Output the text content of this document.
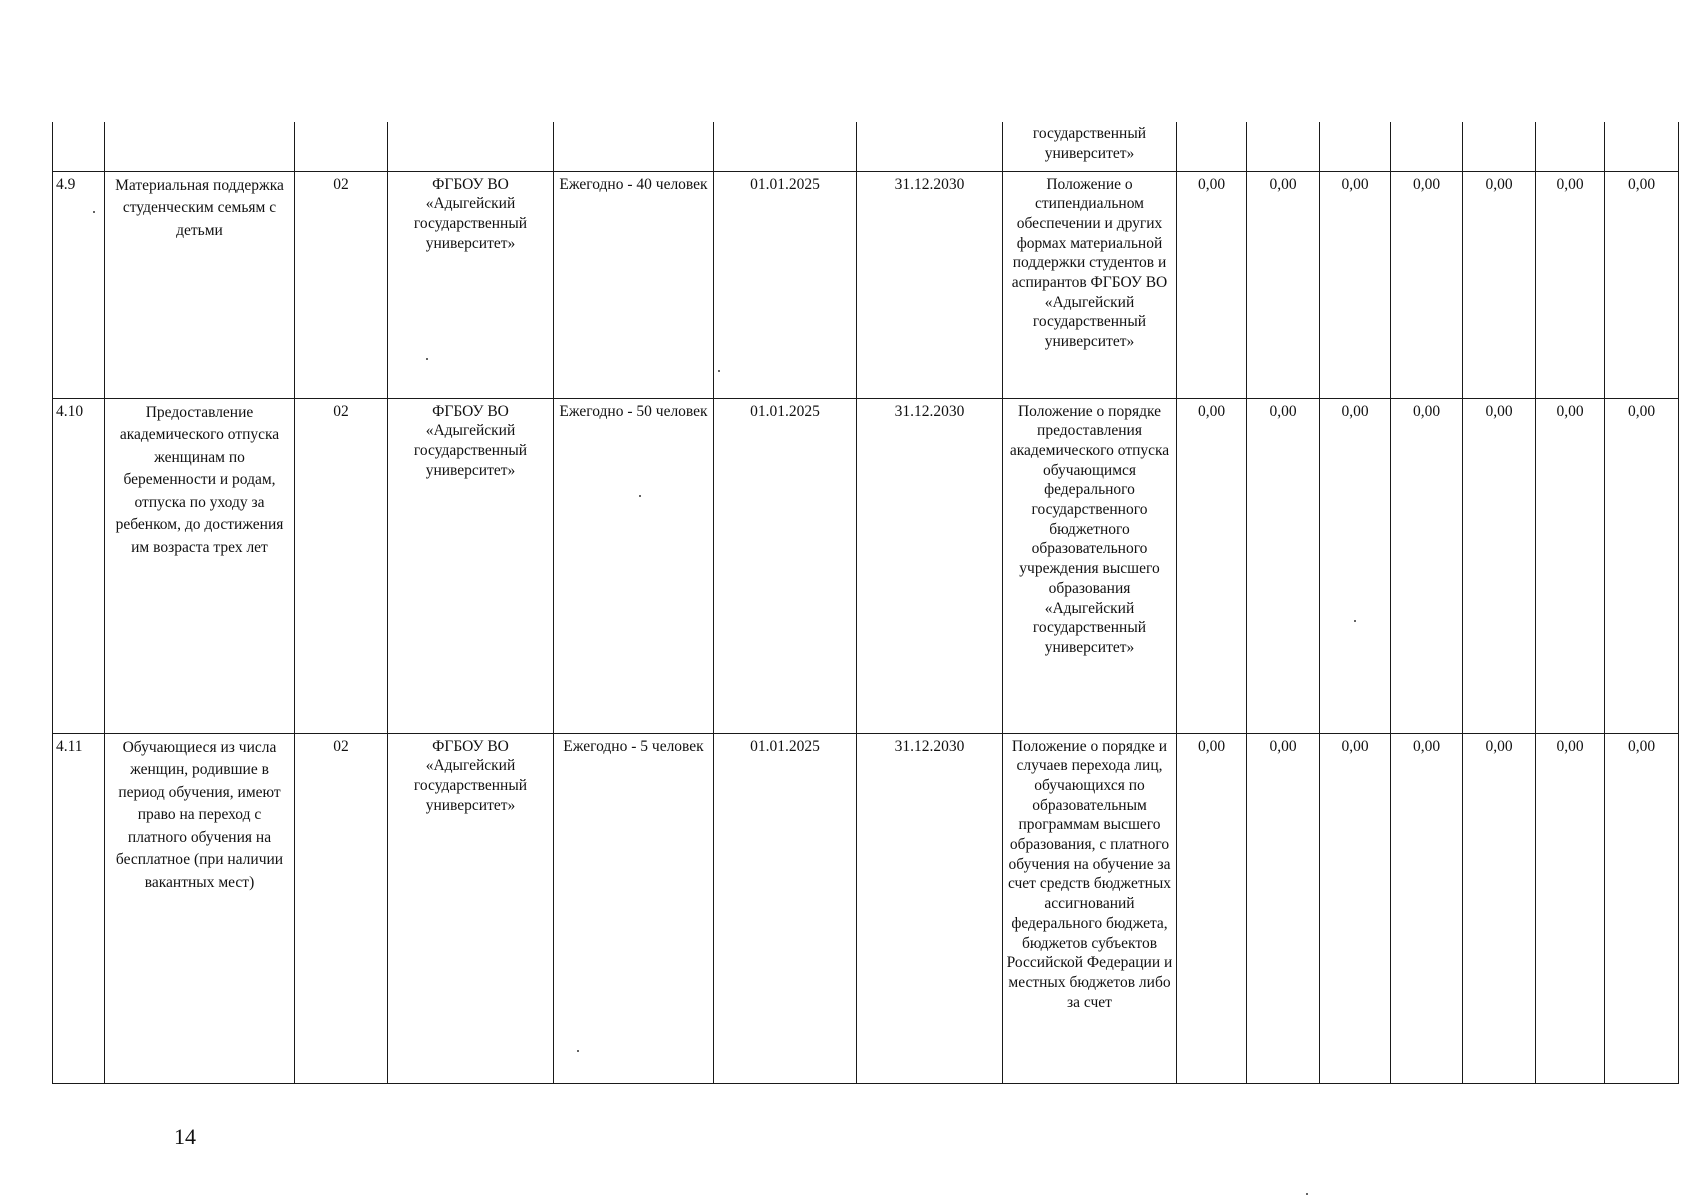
							государственный университет»							
4.9	Материальная поддержка студенческим семьям с детьми	02	ФГБОУ ВО «Адыгейский государственный университет»	Ежегодно - 40 человек	01.01.2025	31.12.2030	Положение о стипендиальном обеспечении и других формах материальной поддержки студентов и аспирантов ФГБОУ ВО «Адыгейский государственный университет»	0,00	0,00	0,00	0,00	0,00	0,00	0,00
4.10	Предоставление академического отпуска женщинам по беременности и родам, отпуска по уходу за ребенком, до достижения им возраста трех лет	02	ФГБОУ ВО «Адыгейский государственный университет»	Ежегодно - 50 человек	01.01.2025	31.12.2030	Положение о порядке предоставления академического отпуска обучающимся федерального государственного бюджетного образовательного учреждения высшего образования «Адыгейский государственный университет»	0,00	0,00	0,00	0,00	0,00	0,00	0,00
4.11	Обучающиеся из числа женщин, родившие в период обучения, имеют право на переход с платного обучения на бесплатное (при наличии вакантных мест)	02	ФГБОУ ВО «Адыгейский государственный университет»	Ежегодно - 5 человек	01.01.2025	31.12.2030	Положение о порядке и случаев перехода лиц, обучающихся по образовательным программам высшего образования, с платного обучения на обучение за счет средств бюджетных ассигнований федерального бюджета, бюджетов субъектов Российской Федерации и местных бюджетов либо за счет	0,00	0,00	0,00	0,00	0,00	0,00	0,00
14
